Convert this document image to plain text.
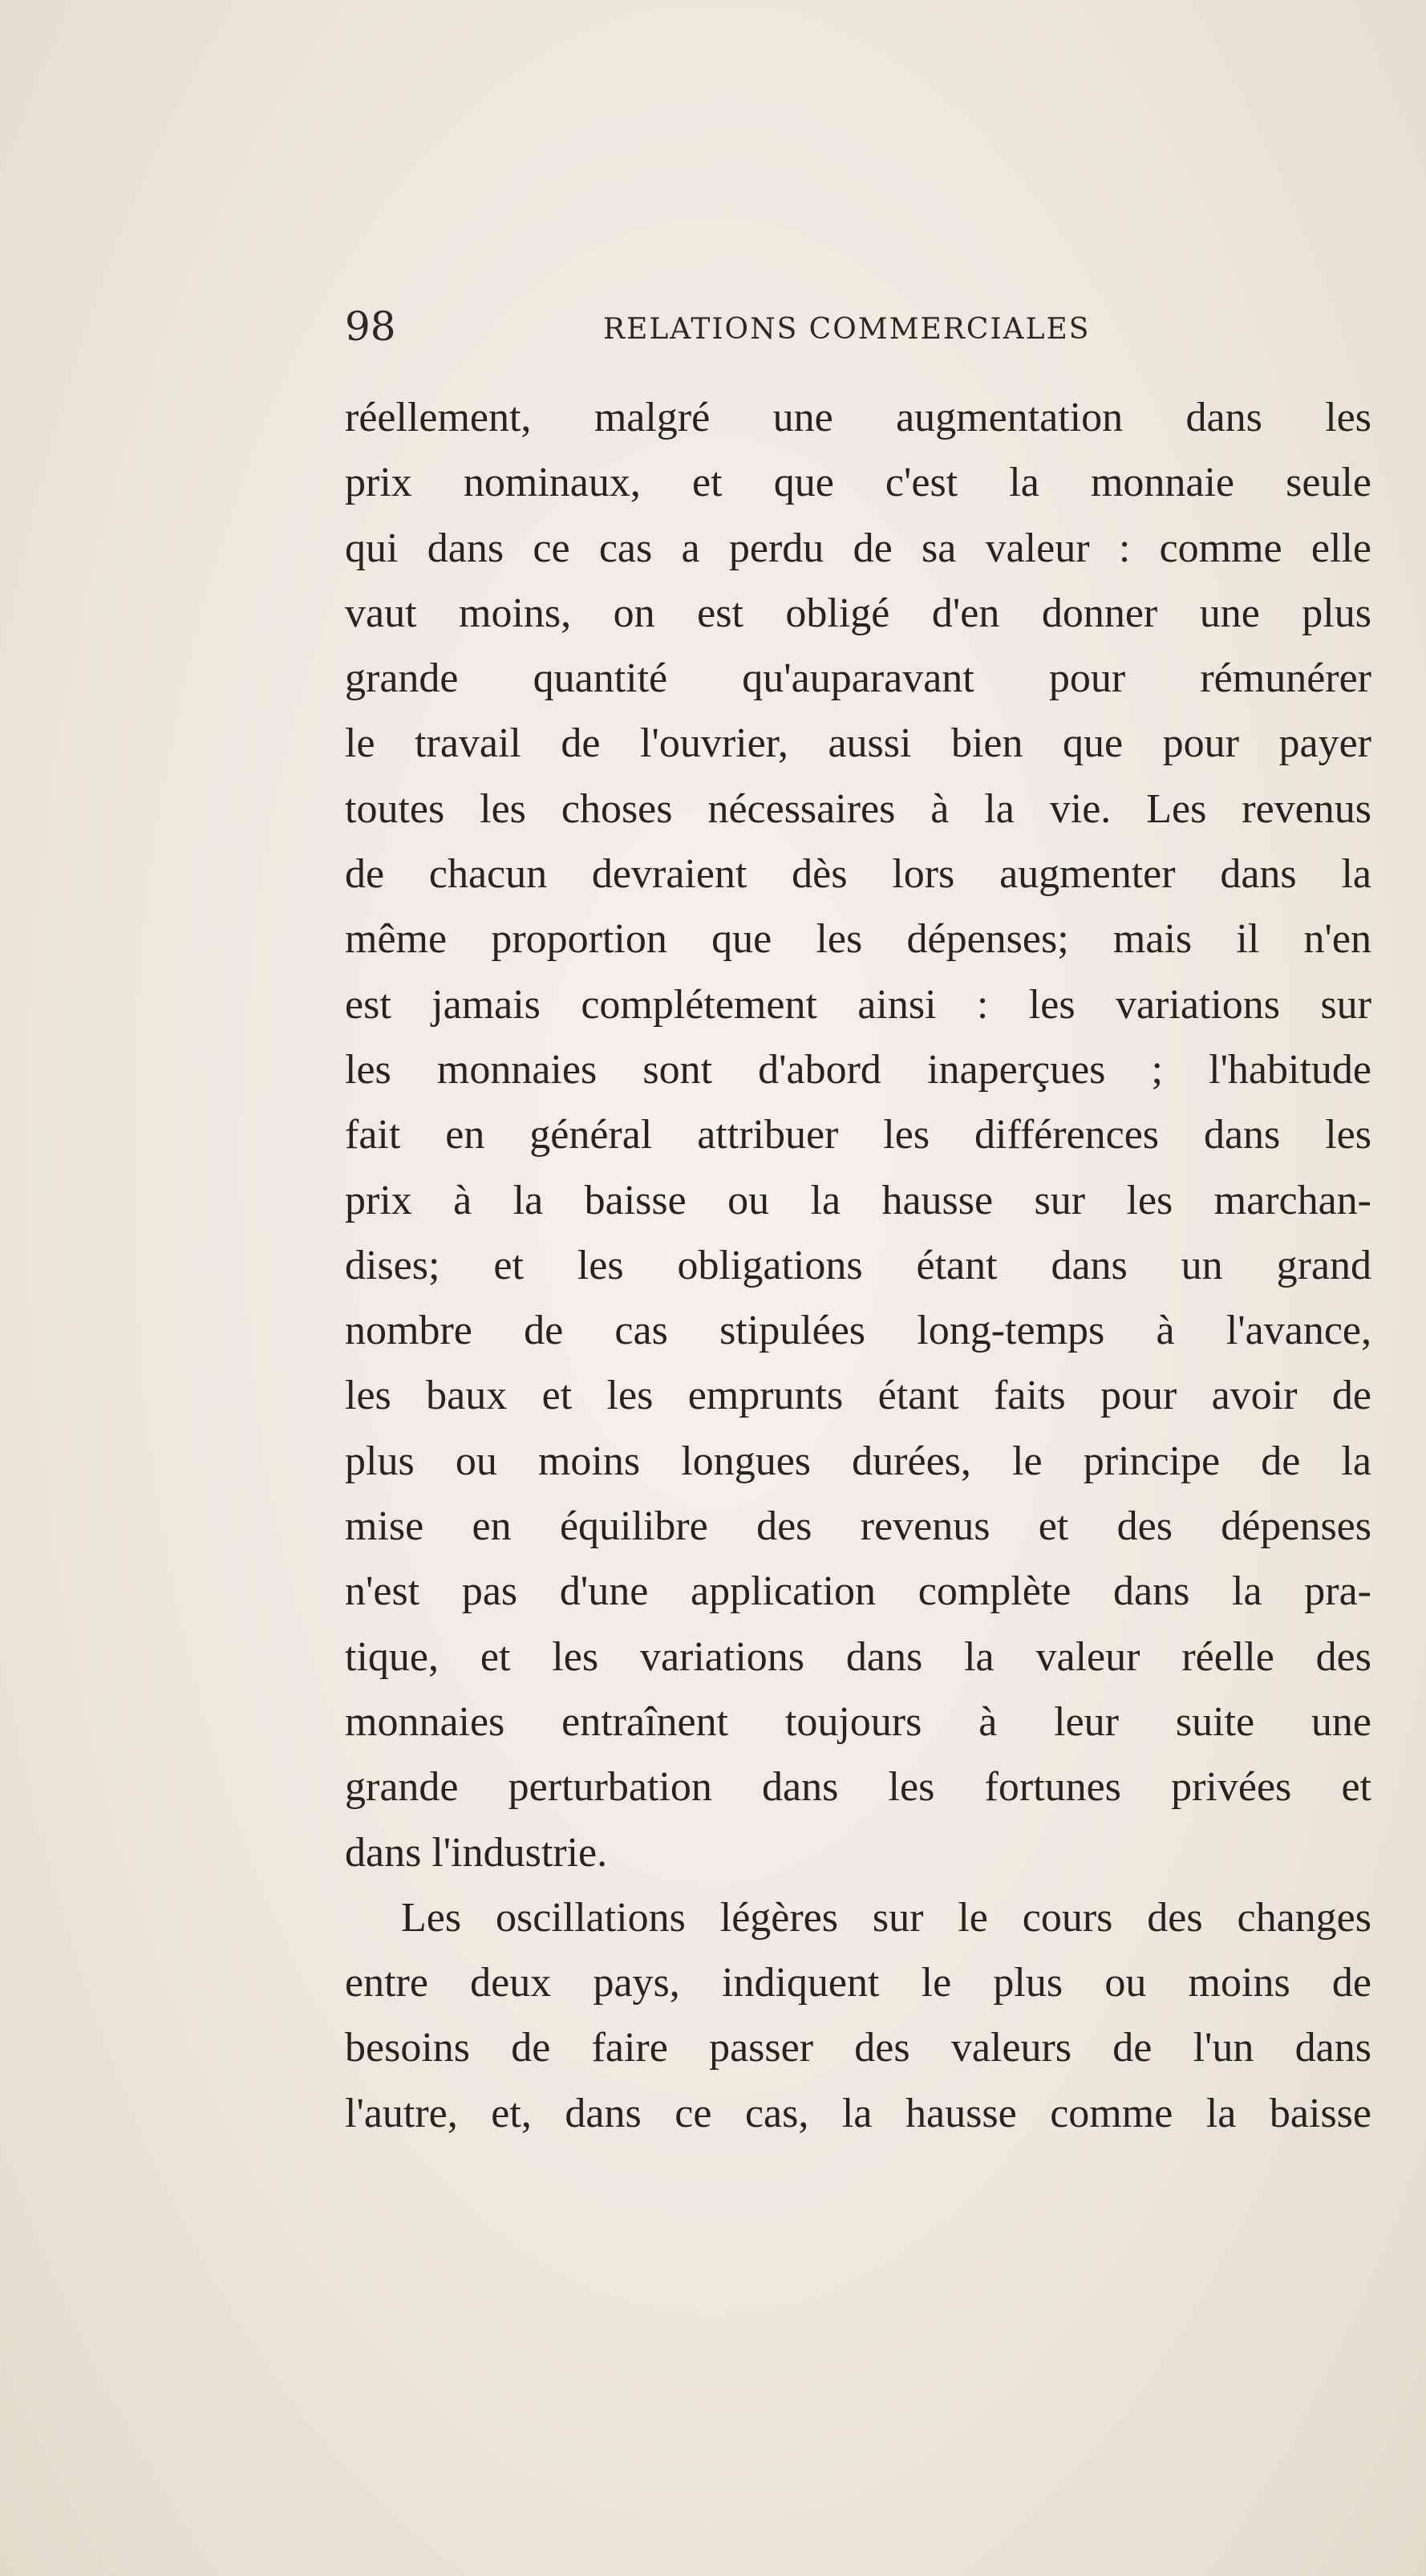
98	RELATIONS COMMERCIALES
réellement, malgré une augmentation dans les
prix nominaux, et que c'est la monnaie seule
qui dans ce cas a perdu de sa valeur : comme elle
vaut moins, on est obligé d'en donner une plus
grande quantité qu'auparavant pour rémunérer
le travail de l'ouvrier, aussi bien que pour payer
toutes les choses nécessaires à la vie. Les revenus
de chacun devraient dès lors augmenter dans la
même proportion que les dépenses; mais il n'en
est jamais complétement ainsi : les variations sur
les monnaies sont d'abord inaperçues ; l'habitude
fait en général attribuer les différences dans les
prix à la baisse ou la hausse sur les marchan-
dises; et les obligations étant dans un grand
nombre de cas stipulées long-temps à l'avance,
les baux et les emprunts étant faits pour avoir de
plus ou moins longues durées, le principe de la
mise en équilibre des revenus et des dépenses
n'est pas d'une application complète dans la pra-
tique, et les variations dans la valeur réelle des
monnaies entraînent toujours à leur suite une
grande perturbation dans les fortunes privées et
dans l'industrie.
Les oscillations légères sur le cours des changes
entre deux pays, indiquent le plus ou moins de
besoins de faire passer des valeurs de l'un dans
l'autre, et, dans ce cas, la hausse comme la baisse
